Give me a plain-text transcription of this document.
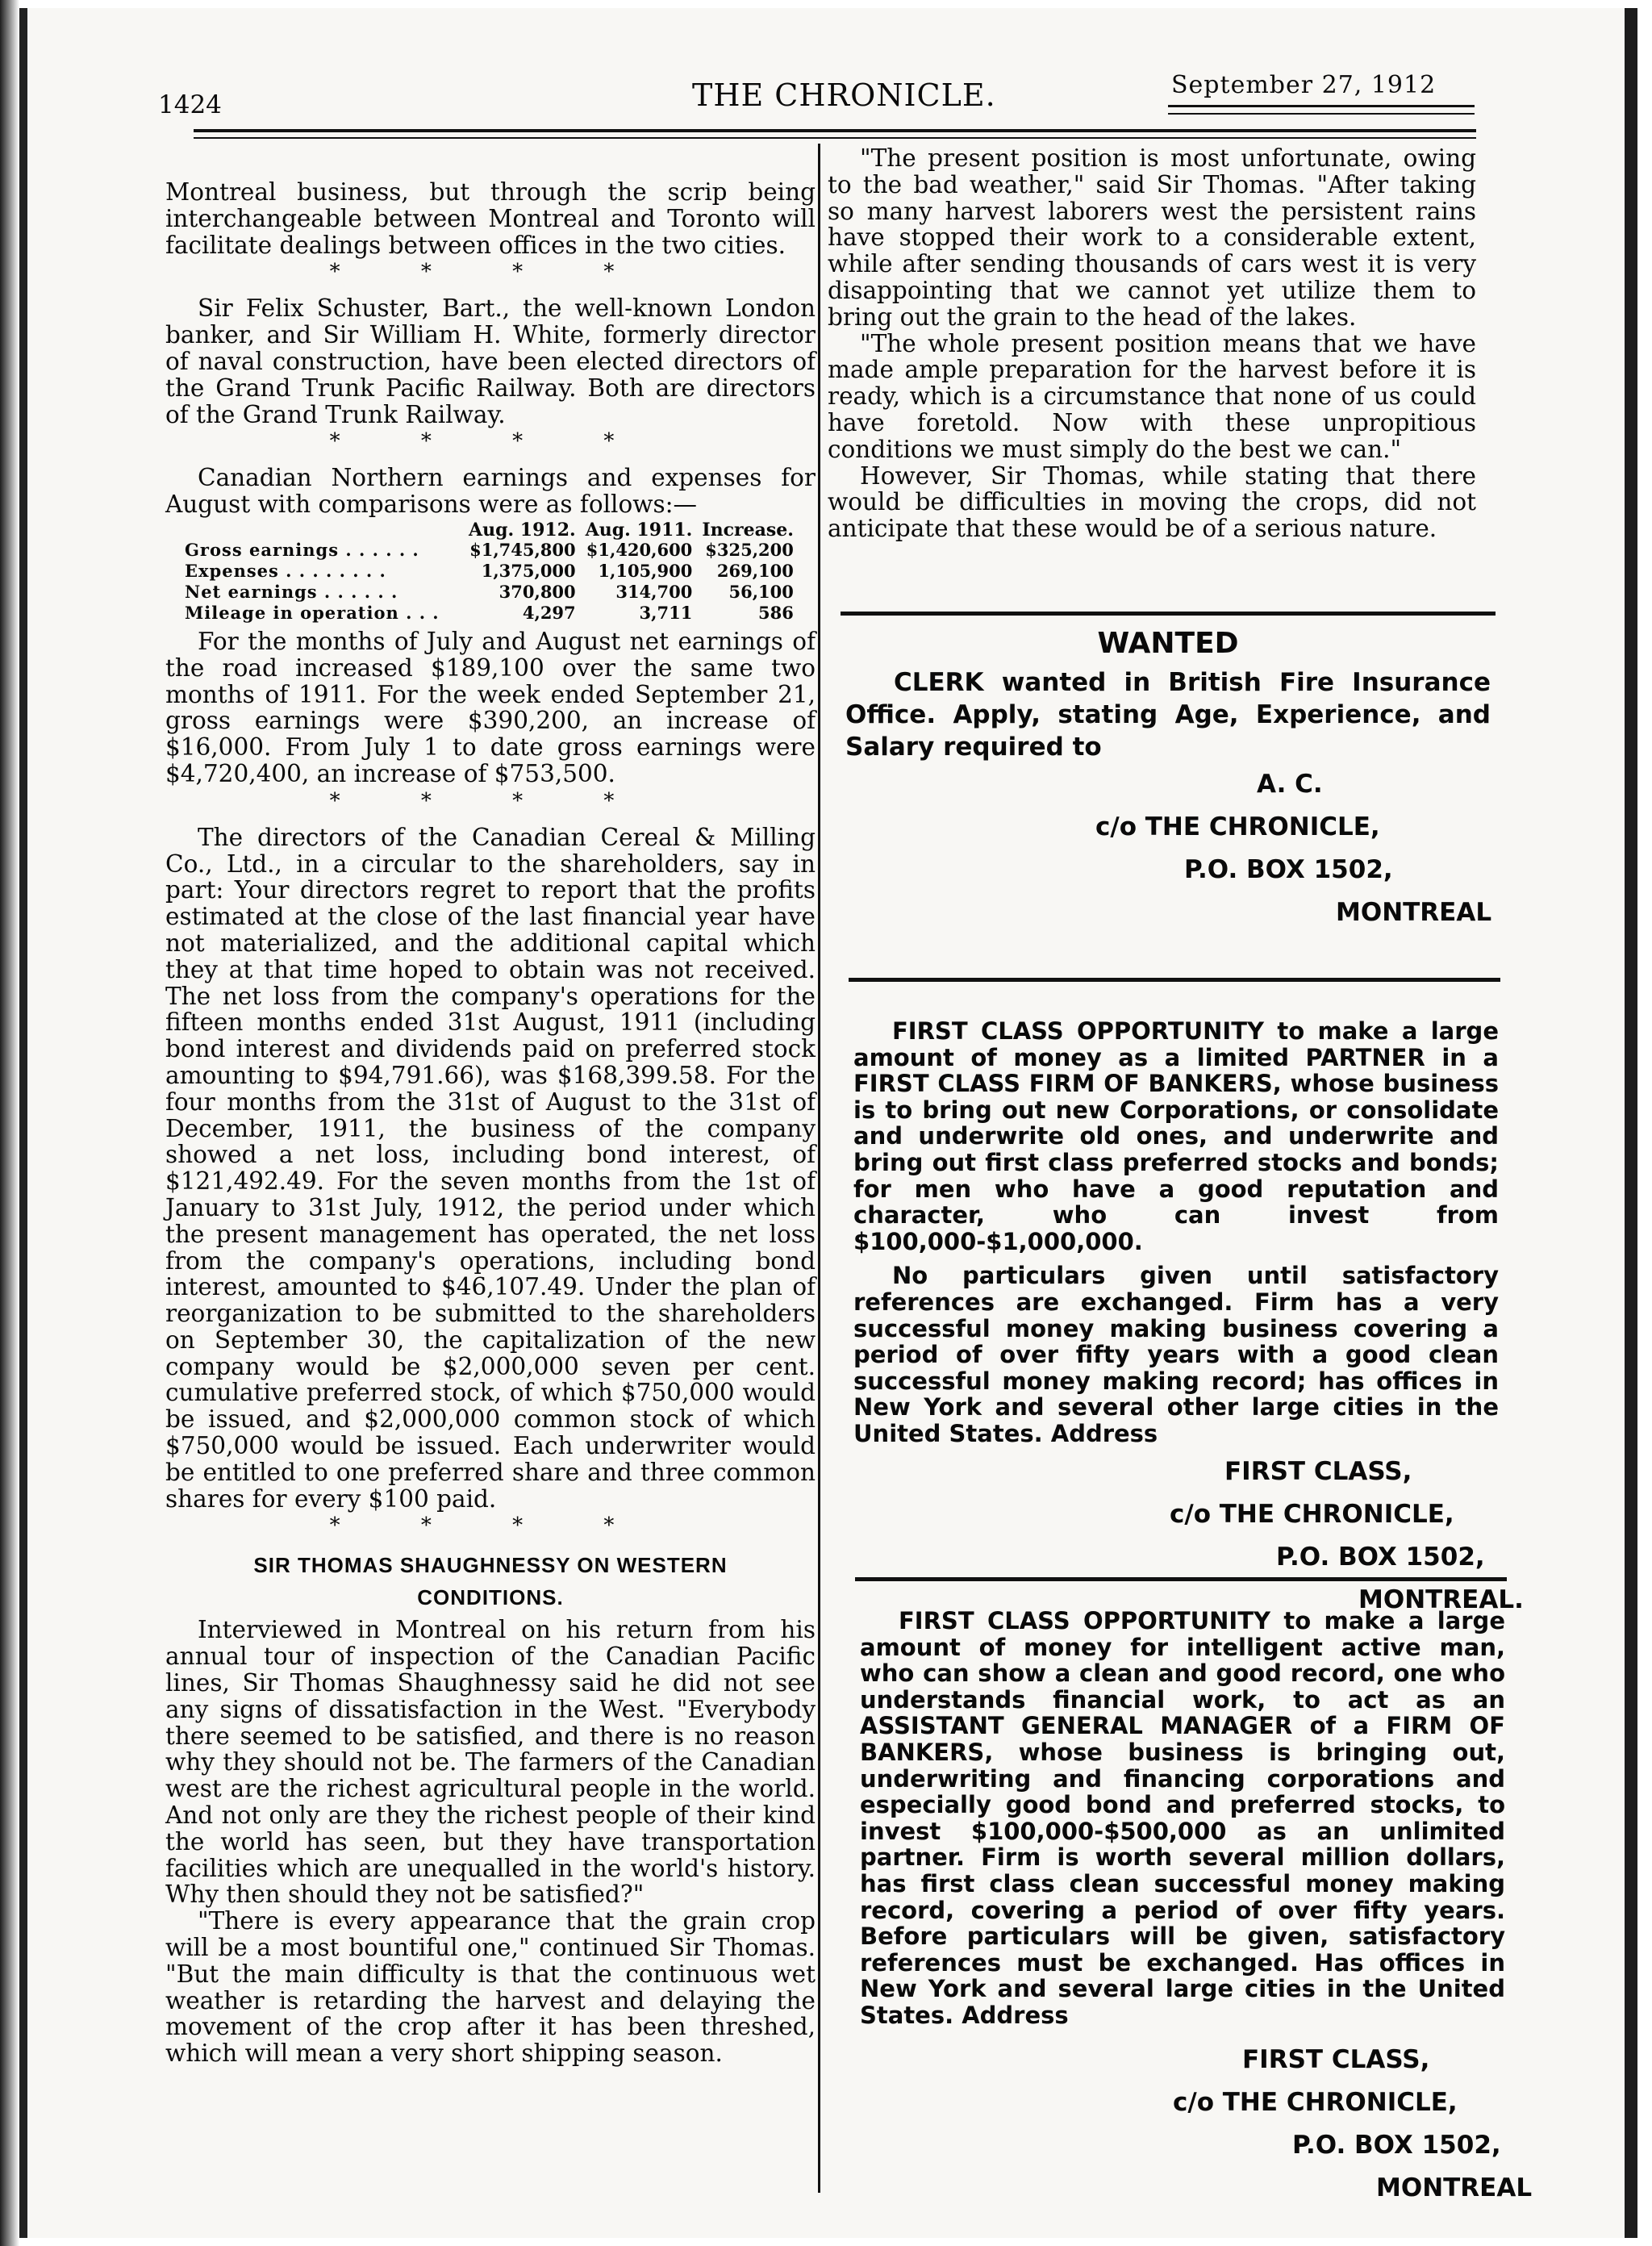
1424	THE CHRONICLE.	September 27, 1912

Montreal business, but through the scrip being interchangeable between Montreal and Toronto will facilitate dealings between offices in the two cities.

* * * *

Sir Felix Schuster, Bart., the well-known London banker, and Sir William H. White, formerly director of naval construction, have been elected directors of the Grand Trunk Pacific Railway. Both are directors of the Grand Trunk Railway.

* * * *

Canadian Northern earnings and expenses for August with comparisons were as follows:—

	Aug. 1912.	Aug. 1911.	Increase.
Gross earnings . . . . . .	$1,745,800	$1,420,600	$325,200
Expenses . . . . . . . .	1,375,000	1,105,900	269,100
Net earnings . . . . . .	370,800	314,700	56,100
Mileage in operation . . .	4,297	3,711	586

For the months of July and August net earnings of the road increased $189,100 over the same two months of 1911. For the week ended September 21, gross earnings were $390,200, an increase of $16,000. From July 1 to date gross earnings were $4,720,400, an increase of $753,500.

* * * *

The directors of the Canadian Cereal & Milling Co., Ltd., in a circular to the shareholders, say in part: Your directors regret to report that the profits estimated at the close of the last financial year have not materialized, and the additional capital which they at that time hoped to obtain was not received. The net loss from the company's operations for the fifteen months ended 31st August, 1911 (including bond interest and dividends paid on preferred stock amounting to $94,791.66), was $168,399.58. For the four months from the 31st of August to the 31st of December, 1911, the business of the company showed a net loss, including bond interest, of $121,492.49. For the seven months from the 1st of January to 31st July, 1912, the period under which the present management has operated, the net loss from the company's operations, including bond interest, amounted to $46,107.49. Under the plan of reorganization to be submitted to the shareholders on September 30, the capitalization of the new company would be $2,000,000 seven per cent. cumulative preferred stock, of which $750,000 would be issued, and $2,000,000 common stock of which $750,000 would be issued. Each underwriter would be entitled to one preferred share and three common shares for every $100 paid.

* * * *
SIR THOMAS SHAUGHNESSY ON WESTERN
CONDITIONS.

Interviewed in Montreal on his return from his annual tour of inspection of the Canadian Pacific lines, Sir Thomas Shaughnessy said he did not see any signs of dissatisfaction in the West. "Everybody there seemed to be satisfied, and there is no reason why they should not be. The farmers of the Canadian west are the richest agricultural people in the world. And not only are they the richest people of their kind the world has seen, but they have transportation facilities which are unequalled in the world's history. Why then should they not be satisfied?"

"There is every appearance that the grain crop will be a most bountiful one," continued Sir Thomas. "But the main difficulty is that the continuous wet weather is retarding the harvest and delaying the movement of the crop after it has been threshed, which will mean a very short shipping season.

"The present position is most unfortunate, owing to the bad weather," said Sir Thomas. "After taking so many harvest laborers west the persistent rains have stopped their work to a considerable extent, while after sending thousands of cars west it is very disappointing that we cannot yet utilize them to bring out the grain to the head of the lakes.

"The whole present position means that we have made ample preparation for the harvest before it is ready, which is a circumstance that none of us could have foretold. Now with these unpropitious conditions we must simply do the best we can."

However, Sir Thomas, while stating that there would be difficulties in moving the crops, did not anticipate that these would be of a serious nature.

WANTED
CLERK wanted in British Fire Insurance Office. Apply, stating Age, Experience, and Salary required to
A. C.
c/o THE CHRONICLE,
P.O. BOX 1502,
MONTREAL

FIRST CLASS OPPORTUNITY to make a large amount of money as a limited PARTNER in a FIRST CLASS FIRM OF BANKERS, whose business is to bring out new Corporations, or consolidate and underwrite old ones, and underwrite and bring out first class preferred stocks and bonds; for men who have a good reputation and character, who can invest from $100,000-$1,000,000.

No particulars given until satisfactory references are exchanged. Firm has a very successful money making business covering a period of over fifty years with a good clean successful money making record; has offices in New York and several other large cities in the United States. Address

FIRST CLASS,
c/o THE CHRONICLE,
P.O. BOX 1502,
MONTREAL.

FIRST CLASS OPPORTUNITY to make a large amount of money for intelligent active man, who can show a clean and good record, one who understands financial work, to act as an ASSISTANT GENERAL MANAGER of a FIRM OF BANKERS, whose business is bringing out, underwriting and financing corporations and especially good bond and preferred stocks, to invest $100,000-$500,000 as an unlimited partner. Firm is worth several million dollars, has first class clean successful money making record, covering a period of over fifty years. Before particulars will be given, satisfactory references must be exchanged. Has offices in New York and several large cities in the United States. Address

FIRST CLASS,
c/o THE CHRONICLE,
P.O. BOX 1502,
MONTREAL
